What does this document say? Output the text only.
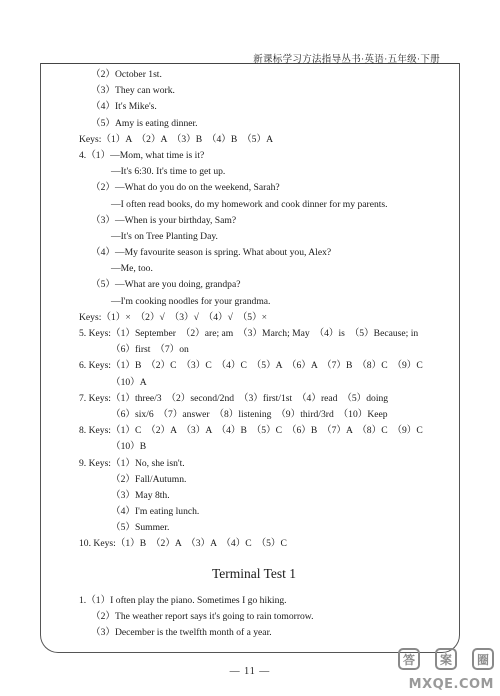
新课标学习方法指导丛书·英语·五年级·下册
（2）October 1st.
（3）They can work.
（4）It's Mike's.
（5）Amy is eating dinner.
Keys:（1）A　（2）A　（3）B　（4）B　（5）A
4.（1）—Mom, what time is it?
—It's 6:30. It's time to get up.
（2）—What do you do on the weekend, Sarah?
—I often read books, do my homework and cook dinner for my parents.
（3）—When is your birthday, Sam?
—It's on Tree Planting Day.
（4）—My favourite season is spring. What about you, Alex?
—Me, too.
（5）—What are you doing, grandpa?
—I'm cooking noodles for your grandma.
Keys:（1）×　（2）√　（3）√　（4）√　（5）×
5. Keys:（1）September　（2）are; am　（3）March; May　（4）is　（5）Because; in
（6）first　（7）on
6. Keys:（1）B　（2）C　（3）C　（4）C　（5）A　（6）A　（7）B　（8）C　（9）C
（10）A
7. Keys:（1）three/3　（2）second/2nd　（3）first/1st　（4）read　（5）doing
（6）six/6　（7）answer　（8）listening　（9）third/3rd　（10）Keep
8. Keys:（1）C　（2）A　（3）A　（4）B　（5）C　（6）B　（7）A　（8）C　（9）C
（10）B
9. Keys:（1）No, she isn't.
（2）Fall/Autumn.
（3）May 8th.
（4）I'm eating lunch.
（5）Summer.
10. Keys:（1）B　（2）A　（3）A　（4）C　（5）C
Terminal Test 1
1.（1）I often play the piano. Sometimes I go hiking.
（2）The weather report says it's going to rain tomorrow.
（3）December is the twelfth month of a year.
— 11 —
答	案	圈
MXQE.COM
